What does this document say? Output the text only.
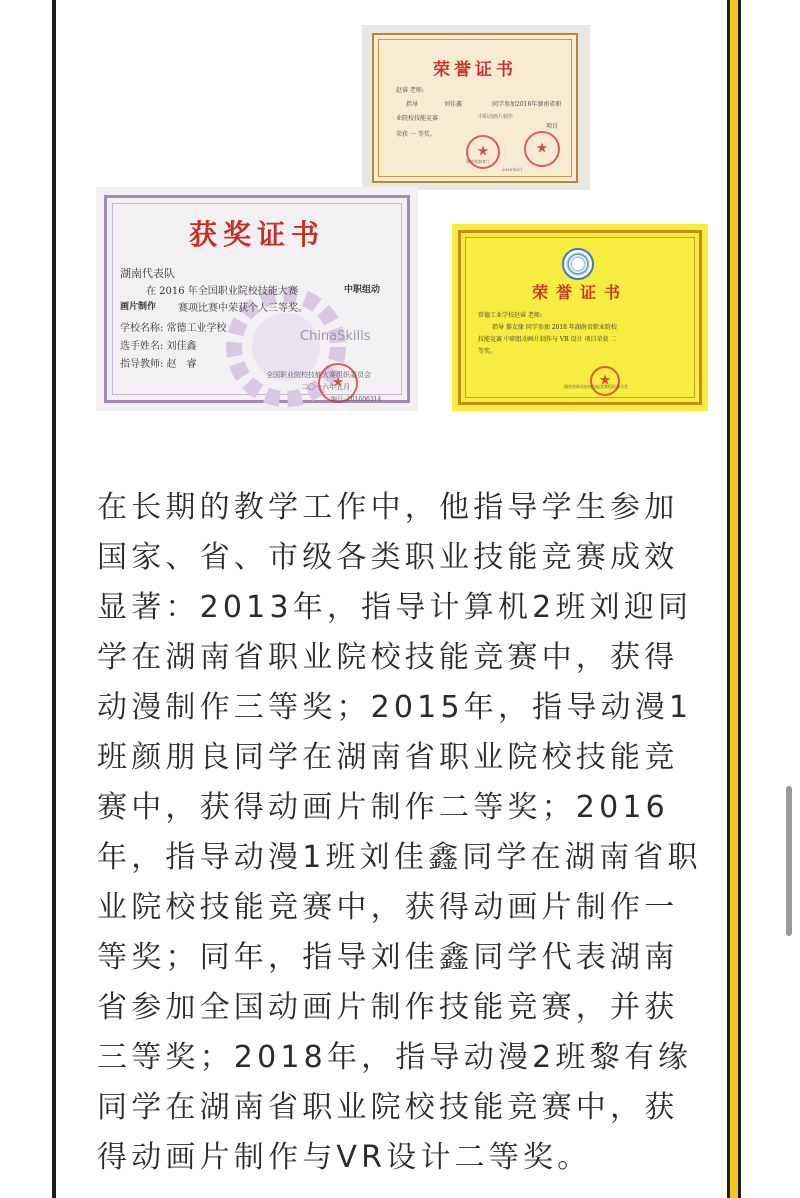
荣誉证书
赵睿 老师:
指导	刘佳鑫	同学参加2016年湖南省职
业院校技能竞赛	中职动画片制作
项目
荣获 一 等奖。
湖南省教育厅
2016年6月
★
★
获奖证书
湖南代表队
在 2016 年全国职业院校技能大赛	中职组动
画片制作 赛项比赛中荣获个人三等奖。
学校名称: 常德工业学校
选手姓名: 刘佳鑫
指导教师: 赵　睿
ChinaSkills
★
全国职业院校技能大赛组织委员会
二〇一六年五月
编号: 201606314
荣誉证书
常德工业学校赵睿 老师:
指导 黎友缘 同学参加 2018 年湖南省职业院校
技能竞赛 中职组动画片制作与 VR 设计 项目荣获 二
等奖。
★
湖南省职业院校技能竞赛组织委员会

在长期的教学工作中，他指导学生参加国家、省、市级各类职业技能竞赛成效显著：2013年，指导计算机2班刘迎同学在湖南省职业院校技能竞赛中，获得动漫制作三等奖；2015年，指导动漫1班颜朋良同学在湖南省职业院校技能竞赛中，获得动画片制作二等奖；2016年，指导动漫1班刘佳鑫同学在湖南省职业院校技能竞赛中，获得动画片制作一等奖；同年，指导刘佳鑫同学代表湖南省参加全国动画片制作技能竞赛，并获三等奖；2018年，指导动漫2班黎有缘同学在湖南省职业院校技能竞赛中，获得动画片制作与VR设计二等奖。
